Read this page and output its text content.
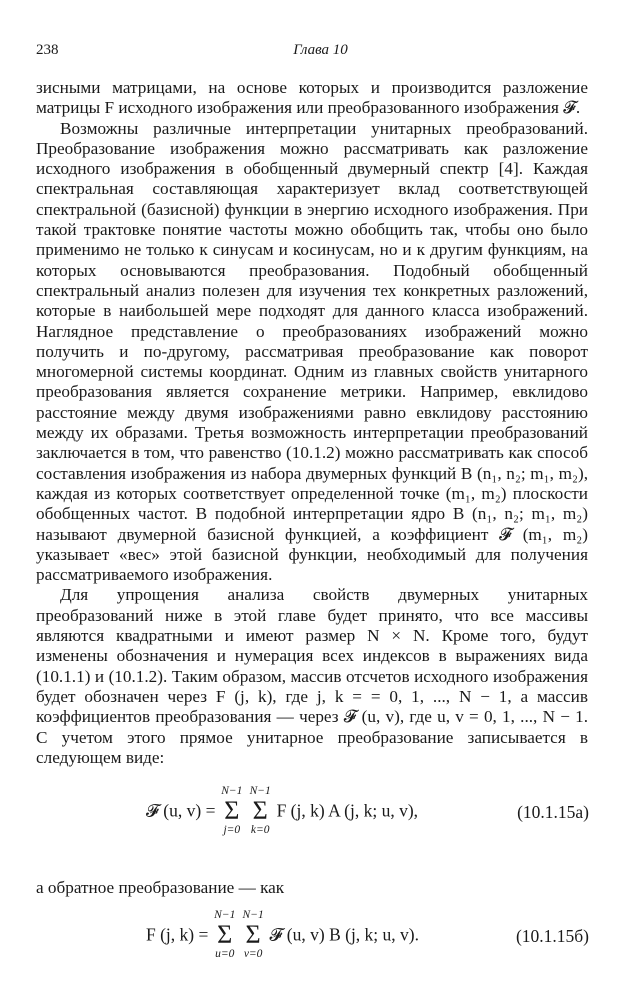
238	Глава 10

зисными матрицами, на основе которых и производится разложение матрицы F исходного изображения или преобразованного изображения 𝓕.

Возможны различные интерпретации унитарных преобразований. Преобразование изображения можно рассматривать как разложение исходного изображения в обобщенный двумерный спектр [4]. Каждая спектральная составляющая характеризует вклад соответствующей спектральной (базисной) функции в энергию исходного изображения. При такой трактовке понятие частоты можно обобщить так, чтобы оно было применимо не только к синусам и косинусам, но и к другим функциям, на которых основываются преобразования. Подобный обобщенный спектральный анализ полезен для изучения тех конкретных разложений, которые в наибольшей мере подходят для данного класса изображений. Наглядное представление о преобразованиях изображений можно получить и по-другому, рассматривая преобразование как поворот многомерной системы координат. Одним из главных свойств унитарного преобразования является сохранение метрики. Например, евклидово расстояние между двумя изображениями равно евклидову расстоянию между их образами. Третья возможность интерпретации преобразований заключается в том, что равенство (10.1.2) можно рассматривать как способ составления изображения из набора двумерных функций B (n₁, n₂; m₁, m₂), каждая из которых соответствует определенной точке (m₁, m₂) плоскости обобщенных частот. В подобной интерпретации ядро B (n₁, n₂; m₁, m₂) называют двумерной базисной функцией, а коэффициент 𝓕 (m₁, m₂) указывает «вес» этой базисной функции, необходимый для получения рассматриваемого изображения.

Для упрощения анализа свойств двумерных унитарных преобразований ниже в этой главе будет принято, что все массивы являются квадратными и имеют размер N × N. Кроме того, будут изменены обозначения и нумерация всех индексов в выражениях вида (10.1.1) и (10.1.2). Таким образом, массив отсчетов исходного изображения будет обозначен через F (j, k), где j, k = = 0, 1, ..., N − 1, а массив коэффициентов преобразования — через 𝓕 (u, v), где u, v = 0, 1, ..., N − 1. С учетом этого прямое унитарное преобразование записывается в следующем виде:

𝓕 (u, v) =
N−1
Σ
j=0

N−1
Σ
k=0
F (j, k) A (j, k; u, v),	(10.1.15а)
а обратное преобразование — как
F (j, k) =
N−1
Σ
u=0

N−1
Σ
v=0
𝓕 (u, v) B (j, k; u, v).	(10.1.15б)
